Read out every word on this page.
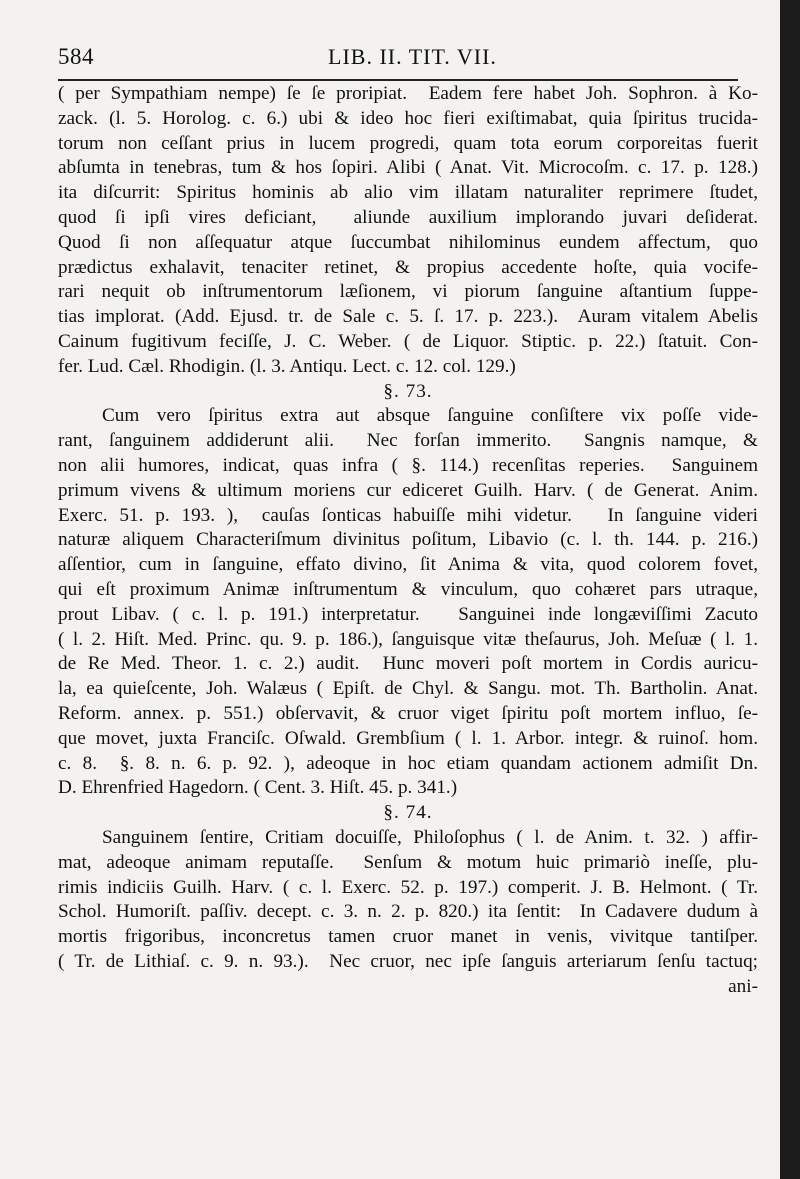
584	LIB. II. TIT. VII.
( per Sympathiam nempe) ſe ſe proripiat.  Eadem fere habet Joh. Sophron. à Ko-
zack. (l. 5. Horolog. c. 6.) ubi & ideo hoc fieri exiſtimabat, quia ſpiritus trucida-
torum non ceſſant prius in lucem progredi, quam tota eorum corporeitas fuerit
abſumta in tenebras, tum & hos ſopiri. Alibi ( Anat. Vit. Microcoſm. c. 17. p. 128.)
ita diſcurrit: Spiritus hominis ab alio vim illatam naturaliter reprimere ſtudet,
quod ſi ipſi vires deficiant,  aliunde auxilium implorando juvari deſiderat.
Quod ſi non aſſequatur atque ſuccumbat nihilominus eundem affectum, quo
prædictus exhalavit, tenaciter retinet, & propius accedente hoſte, quia vocife-
rari nequit ob inſtrumentorum læſionem, vi piorum ſanguine aſtantium ſuppe-
tias implorat. (Add. Ejusd. tr. de Sale c. 5. ſ. 17. p. 223.).  Auram vitalem Abelis
Cainum fugitivum feciſſe, J. C. Weber. ( de Liquor. Stiptic. p. 22.) ſtatuit. Con-
fer. Lud. Cæl. Rhodigin. (l. 3. Antiqu. Lect. c. 12. col. 129.)
§. 73.
Cum vero ſpiritus extra aut absque ſanguine conſiſtere vix poſſe vide-
rant, ſanguinem addiderunt alii.  Nec forſan immerito.  Sangnis namque, &
non alii humores, indicat, quas infra ( §. 114.) recenſitas reperies.  Sanguinem
primum vivens & ultimum moriens cur ediceret Guilh. Harv. ( de Generat. Anim.
Exerc. 51. p. 193. ),  cauſas ſonticas habuiſſe mihi videtur.   In ſanguine videri
naturæ aliquem Characteriſmum divinitus poſitum, Libavio (c. l. th. 144. p. 216.)
aſſentior, cum in ſanguine, effato divino, ſit Anima & vita, quod colorem fovet,
qui eſt proximum Animæ inſtrumentum & vinculum, quo cohæret pars utraque,
prout Libav. ( c. l. p. 191.) interpretatur.   Sanguinei inde longæviſſimi Zacuto
( l. 2. Hiſt. Med. Princ. qu. 9. p. 186.), ſanguisque vitæ theſaurus, Joh. Meſuæ ( l. 1.
de Re Med. Theor. 1. c. 2.) audit.  Hunc moveri poſt mortem in Cordis auricu-
la, ea quieſcente, Joh. Walæus ( Epiſt. de Chyl. & Sangu. mot. Th. Bartholin. Anat.
Reform. annex. p. 551.) obſervavit, & cruor viget ſpiritu poſt mortem influo, ſe-
que movet, juxta Franciſc. Oſwald. Grembſium ( l. 1. Arbor. integr. & ruinoſ. hom.
c. 8.  §. 8. n. 6. p. 92. ), adeoque in hoc etiam quandam actionem admiſit Dn.
D. Ehrenfried Hagedorn. ( Cent. 3. Hiſt. 45. p. 341.)
§. 74.
Sanguinem ſentire, Critiam docuiſſe, Philoſophus ( l. de Anim. t. 32. ) affir-
mat, adeoque animam reputaſſe.  Senſum & motum huic primariò ineſſe, plu-
rimis indiciis Guilh. Harv. ( c. l. Exerc. 52. p. 197.) comperit. J. B. Helmont. ( Tr.
Schol. Humoriſt. paſſiv. decept. c. 3. n. 2. p. 820.) ita ſentit:  In Cadavere dudum à
mortis frigoribus, inconcretus tamen cruor manet in venis, vivitque tantiſper.
( Tr. de Lithiaſ. c. 9. n. 93.).  Nec cruor, nec ipſe ſanguis arteriarum ſenſu tactuq;
ani-
